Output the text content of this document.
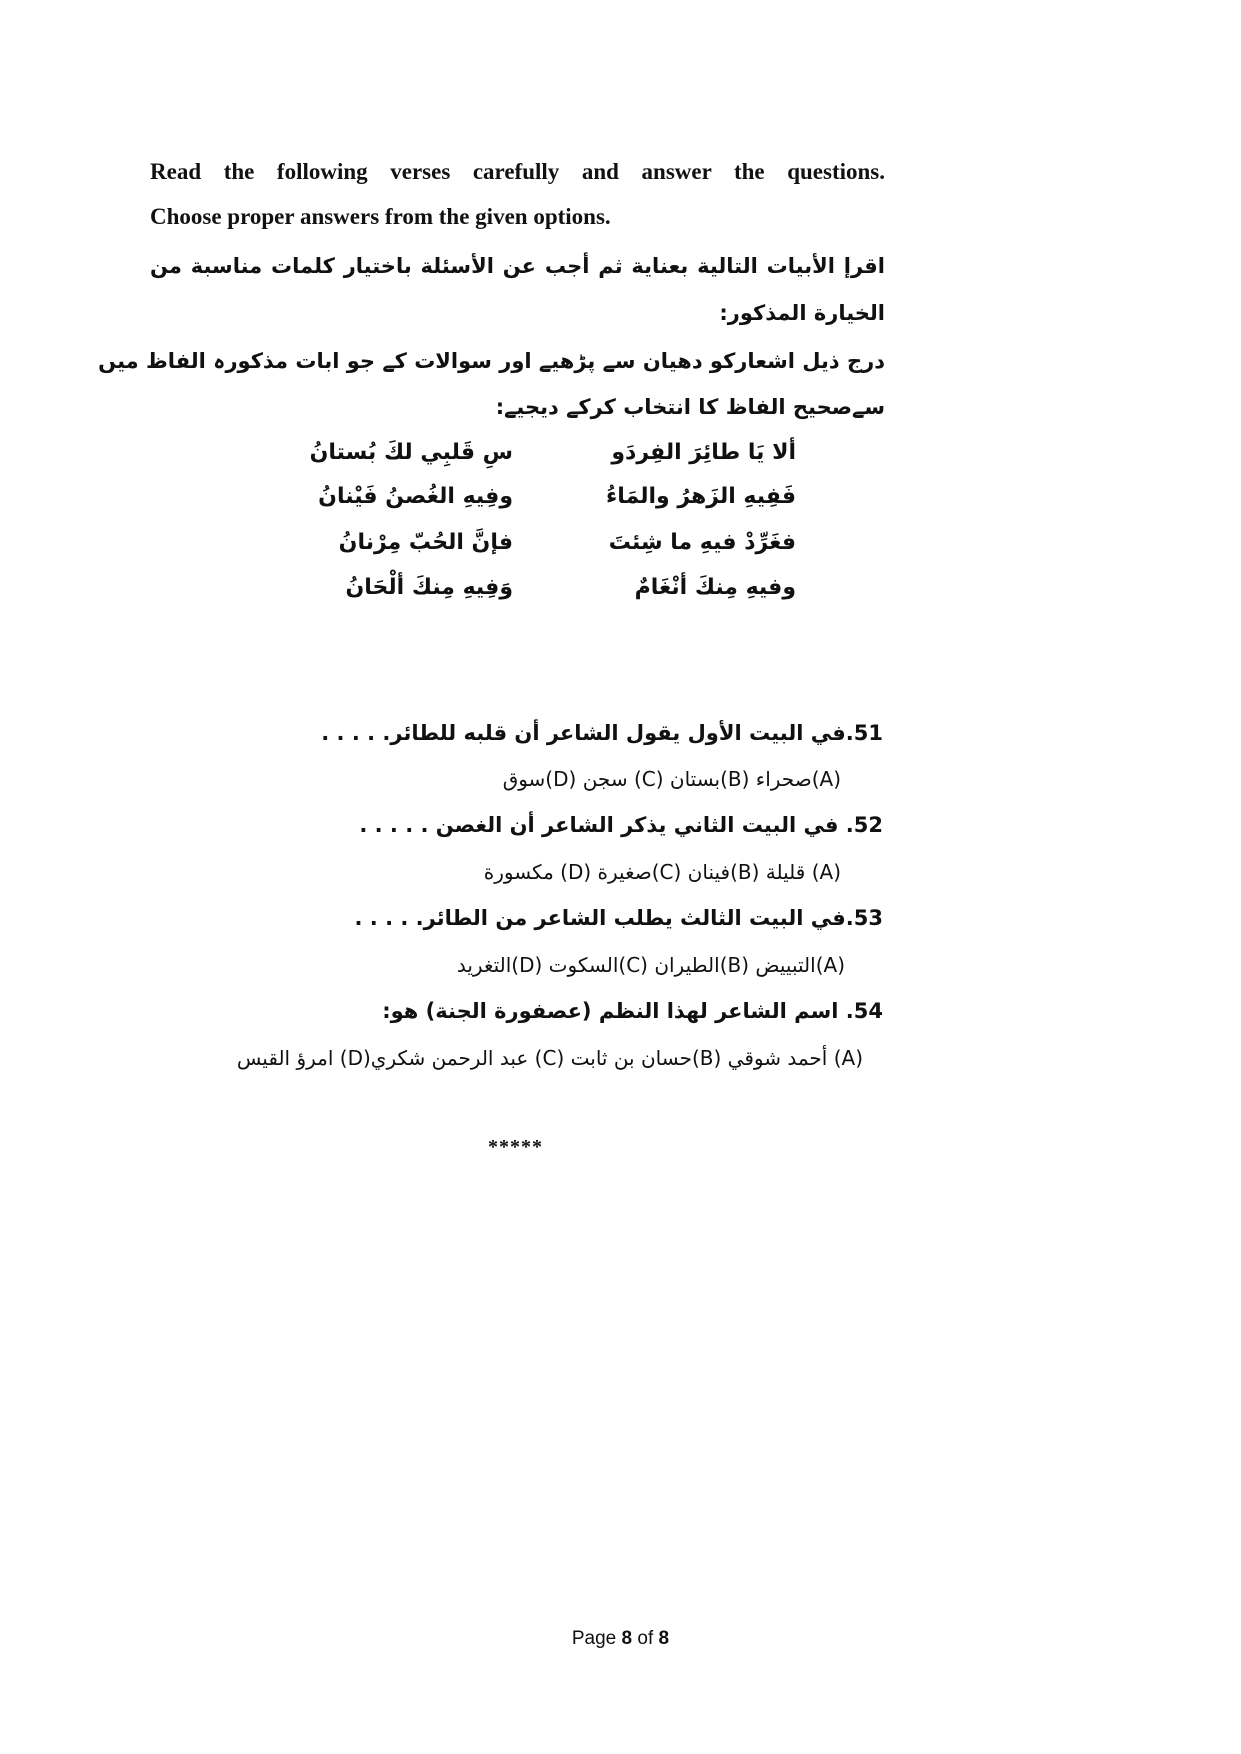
Read the following verses carefully and answer the questions.
Choose proper answers from the given options.
اقرإ الأبيات التالية بعناية ثم أجب عن الأسئلة باختيار كلمات مناسبة من
الخيارة المذكور:
درج ذیل اشعارکو دھیان سے پڑھیے اور سوالات کے جو ابات مذکورہ الفاظ میں
سےصحیح الفاظ کا انتخاب کرکے دیجیے:
ألا يَا طائِرَ الفِردَو
سِ قَلبِي لكَ بُستانُ
فَفِيهِ الزَهرُ والمَاءُ
وفِيهِ الغُصنُ فَيْنانُ
فغَرِّدْ فيهِ ما شِئتَ
فإنَّ الحُبّ مِرْنانُ
وفيهِ مِنكَ أنْغَامٌ
وَفِيهِ مِنكَ ألْحَانُ
51.في البيت الأول يقول الشاعر أن قلبه للطائر. . . . .
(A)صحراء (B)بستان (C) سجن (D)سوق
52. في البيت الثاني يذكر الشاعر أن الغصن . . . . .
(A) قليلة (B)فينان (C)صغيرة (D) مكسورة
53.في البيت الثالث يطلب الشاعر من الطائر. . . . .
(A)التبييض (B)الطيران (C)السكوت (D)التغريد
54. اسم الشاعر لهذا النظم (عصفورة الجنة) هو:
(A) أحمد شوقي (B)حسان بن ثابت (C) عبد الرحمن شكري(D) امرؤ القيس
*****
Page 8 of 8
